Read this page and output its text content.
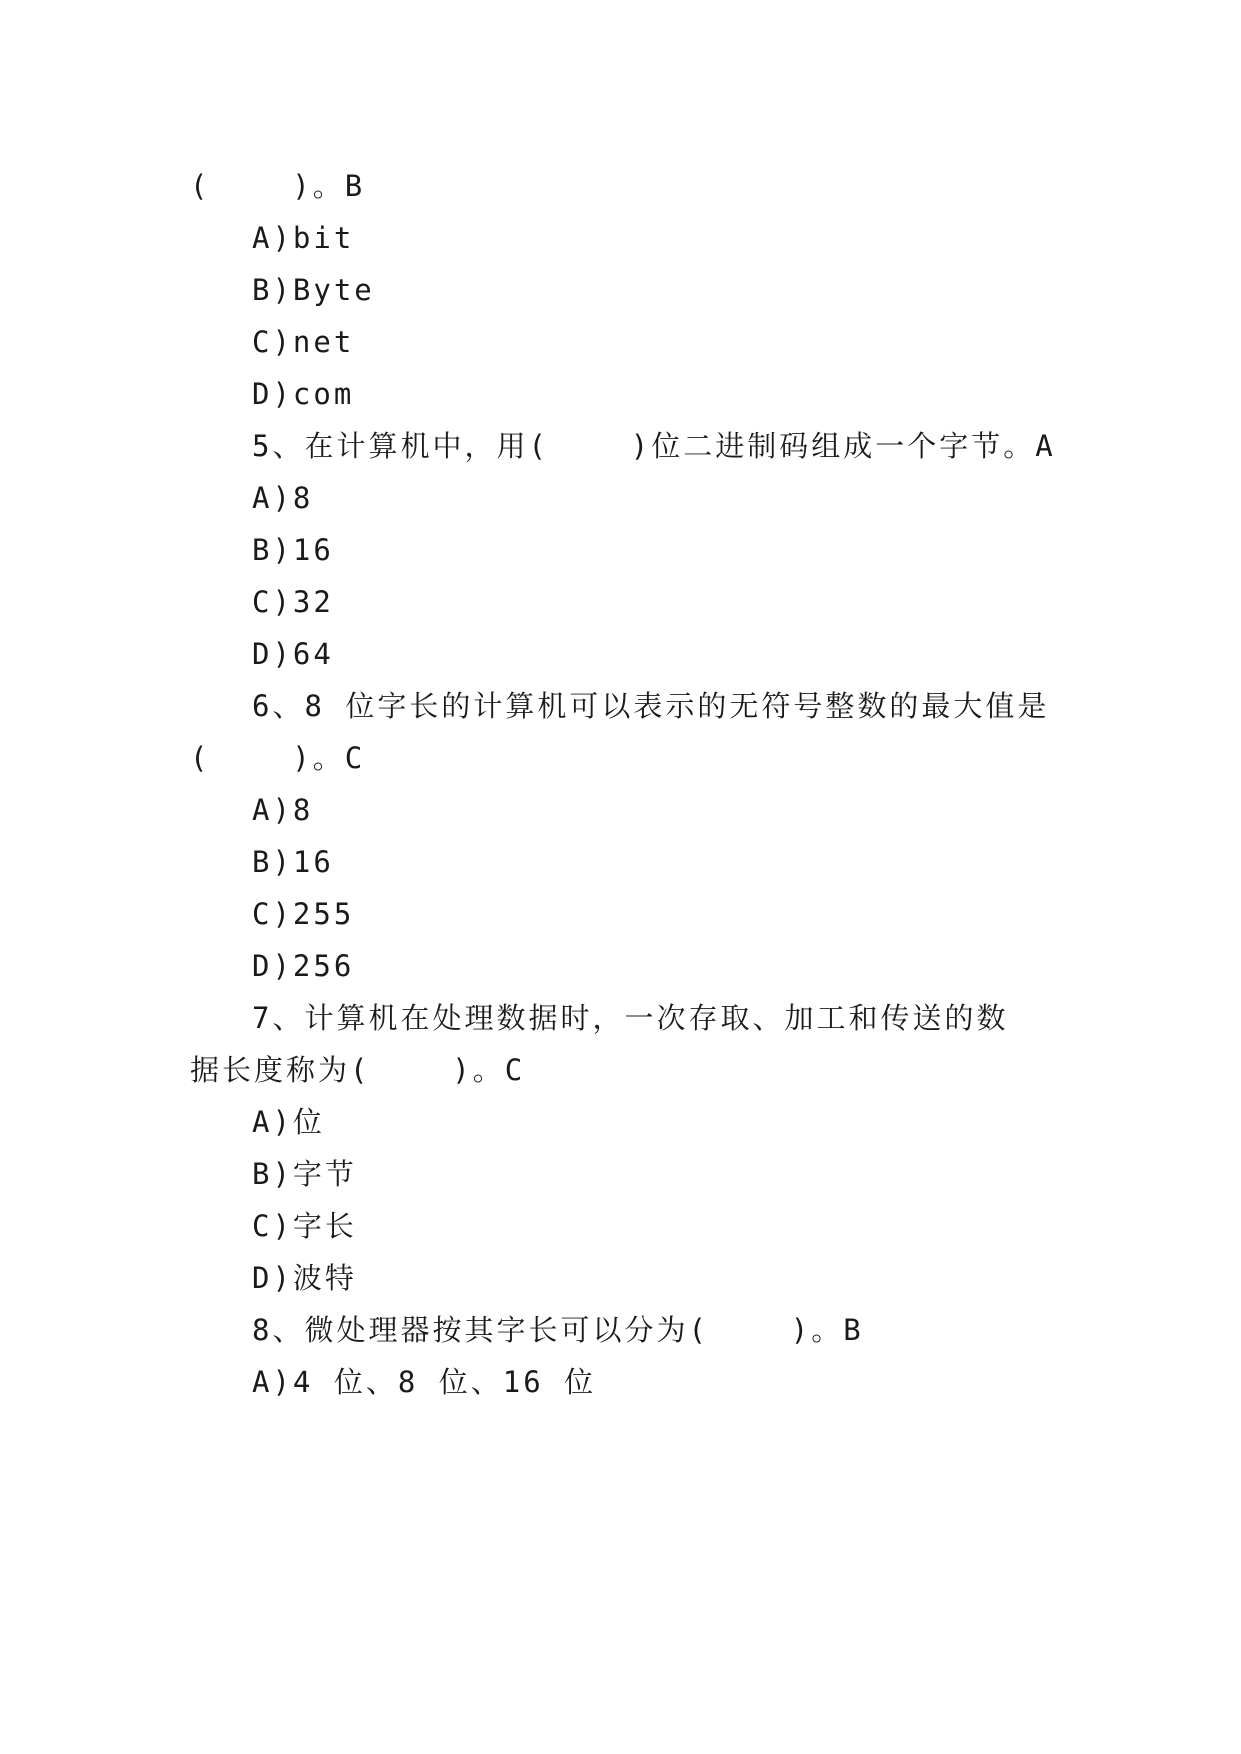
(    )。B
A)bit
B)Byte
C)net
D)com
5、在计算机中，用(    )位二进制码组成一个字节。A
A)8
B)16
C)32
D)64
6、8 位字长的计算机可以表示的无符号整数的最大值是
(    )。C
A)8
B)16
C)255
D)256
7、计算机在处理数据时，一次存取、加工和传送的数
据长度称为(    )。C
A)位
B)字节
C)字长
D)波特
8、微处理器按其字长可以分为(    )。B
A)4 位、8 位、16 位
